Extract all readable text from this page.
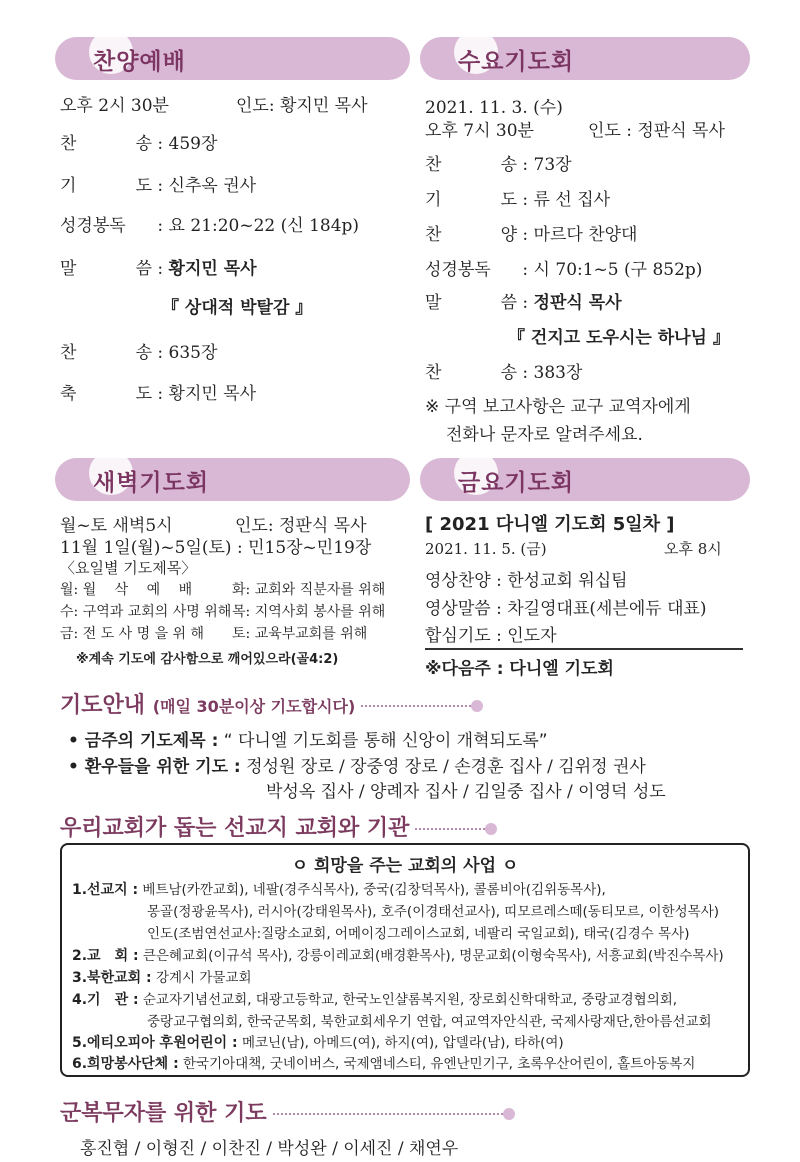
찬양예배
오후 2시 30분	인도: 황지민 목사
찬 송 : 459장
기 도 : 신추옥 권사
성경봉독 : 요 21:20~22 (신 184p)
말 씀 : 황지민 목사
『 상대적 박탈감 』
찬 송 : 635장
축 도 : 황지민 목사
수요기도회
2021. 11. 3. (수)
오후 7시 30분	인도 : 정판식 목사
찬 송 : 73장
기 도 : 류 선 집사
찬 양 : 마르다 찬양대
성경봉독 : 시 70:1~5 (구 852p)
말 씀 : 정판식 목사
『 건지고 도우시는 하나님 』
찬 송 : 383장
※ 구역 보고사항은 교구 교역자에게
전화나 문자로 알려주세요.
새벽기도회
월~토 새벽5시	인도: 정판식 목사
11월 1일(월)~5일(토) : 민15장~민19장
〈요일별 기도제목〉
월: 월　 삭　 예　 배	화: 교회와 직분자를 위해
수: 구역과 교회의 사명 위해 목: 지역사회 봉사를 위해
금: 전 도 사 명 을 위 해 토: 교육부교회를 위해
※계속 기도에 감사함으로 깨어있으라(골4:2)
금요기도회
[ 2021 다니엘 기도회 5일차 ]
2021. 11. 5. (금)	오후 8시
영상찬양 : 한성교회 워십팀
영상말씀 : 차길영대표(세븐에듀 대표)
합심기도 : 인도자
※다음주 : 다니엘 기도회
기도안내 (매일 30분이상 기도합시다)
• 금주의 기도제목 : “ 다니엘 기도회를 통해 신앙이 개혁되도록”
• 환우들을 위한 기도 : 정성원 장로 / 장중영 장로 / 손경훈 집사 / 김위정 권사
박성옥 집사 / 양례자 집사 / 김일중 집사 / 이영덕 성도
우리교회가 돕는 선교지 교회와 기관
ㅇ 희망을 주는 교회의 사업 ㅇ
1.선교지 : 베트남(카깐교회), 네팔(경주식목사), 중국(김창덕목사), 콜롬비아(김위동목사),
몽골(정광윤목사), 러시아(강태원목사), 호주(이경태선교사), 띠모르레스떼(동티모르, 이한성목사)
인도(조범연선교사:질랑소교회, 어메이징그레이스교회, 네팔리 국일교회), 태국(김경수 목사)
2.교　회 : 큰은혜교회(이규석 목사), 강릉이레교회(배경환목사), 명문교회(이형숙목사), 서흥교회(박진수목사)
3.북한교회 : 강계시 가물교회
4.기　관 : 순교자기념선교회, 대광고등학교, 한국노인샬롬복지원, 장로회신학대학교, 중랑교경협의회,
중랑교구협의회, 한국군목회, 북한교회세우기 연합, 여교역자안식관, 국제사랑재단,한아름선교회
5.에티오피아 후원어린이 : 메코닌(남), 아메드(여), 하지(여), 압델라(남), 타하(여)
6.희망봉사단체 : 한국기아대책, 굿네이버스, 국제앰네스티, 유엔난민기구, 초록우산어린이, 홀트아동복지
군복무자를 위한 기도
홍진협 / 이형진 / 이찬진 / 박성완 / 이세진 / 채연우
